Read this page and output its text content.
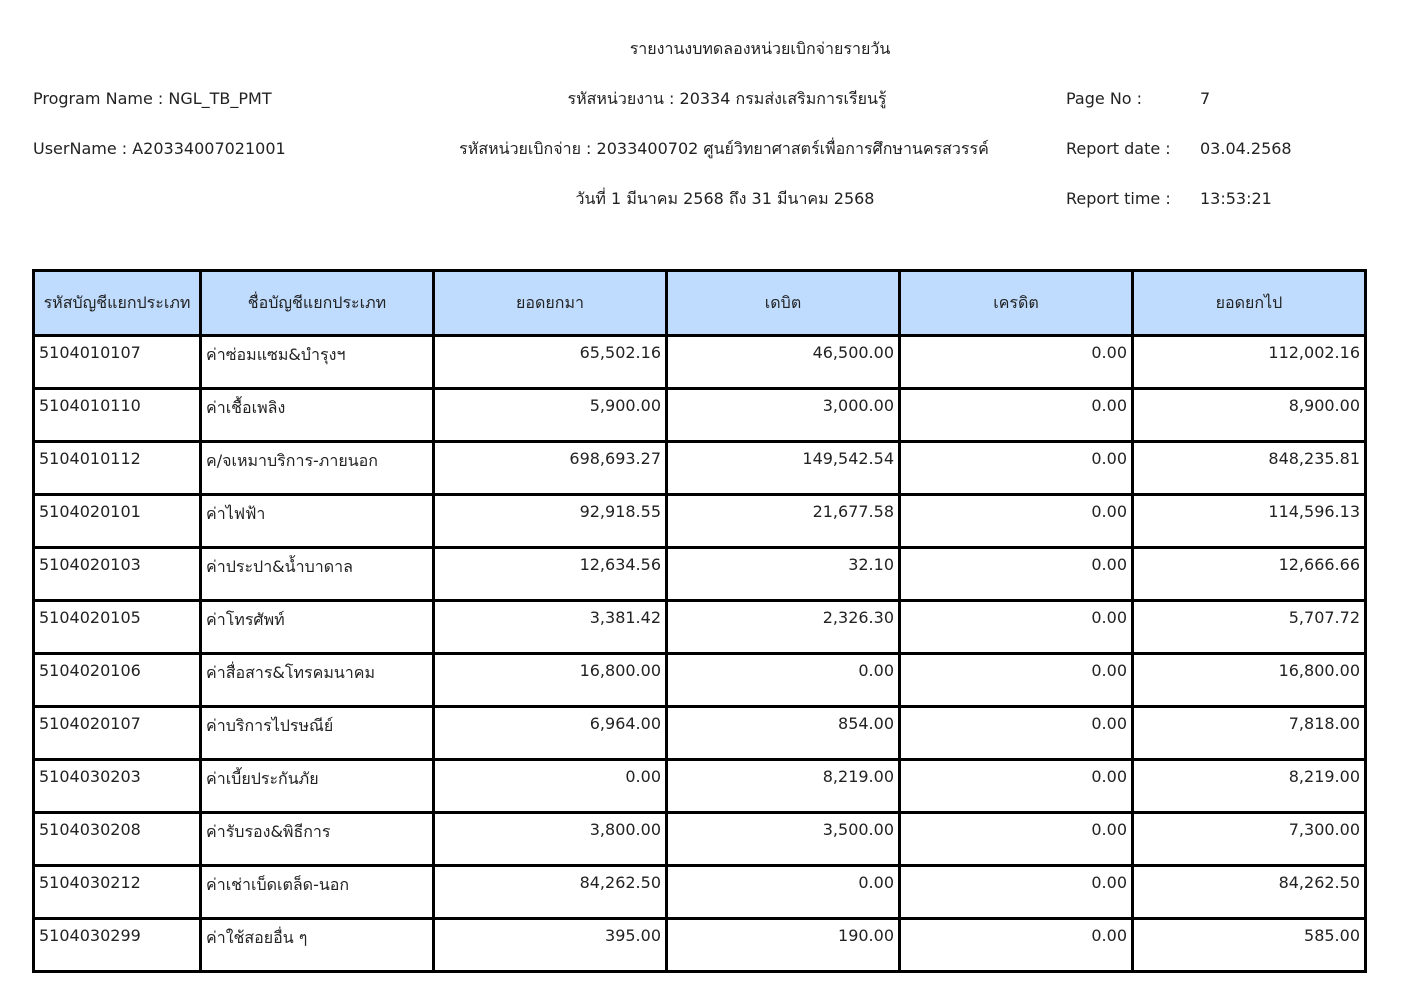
รายงานงบทดลองหน่วยเบิกจ่ายรายวัน
Program Name : NGL_TB_PMT	รหัสหน่วยงาน : 20334 กรมส่งเสริมการเรียนรู้	Page No :	7
UserName : A20334007021001	รหัสหน่วยเบิกจ่าย : 2033400702 ศูนย์วิทยาศาสตร์เพื่อการศึกษานครสวรรค์	Report date : 03.04.2568
วันที่ 1 มีนาคม 2568 ถึง 31 มีนาคม 2568	Report time : 13:53:21
รหัสบัญชีแยกประเภท	ชื่อบัญชีแยกประเภท	ยอดยกมา	เดบิต	เครดิต	ยอดยกไป
5104010107	ค่าซ่อมแซม&บำรุงฯ	65,502.16	46,500.00	0.00	112,002.16
5104010110	ค่าเชื้อเพลิง	5,900.00	3,000.00	0.00	8,900.00
5104010112	ค/จเหมาบริการ-ภายนอก	698,693.27	149,542.54	0.00	848,235.81
5104020101	ค่าไฟฟ้า	92,918.55	21,677.58	0.00	114,596.13
5104020103	ค่าประปา&น้ำบาดาล	12,634.56	32.10	0.00	12,666.66
5104020105	ค่าโทรศัพท์	3,381.42	2,326.30	0.00	5,707.72
5104020106	ค่าสื่อสาร&โทรคมนาคม	16,800.00	0.00	0.00	16,800.00
5104020107	ค่าบริการไปรษณีย์	6,964.00	854.00	0.00	7,818.00
5104030203	ค่าเบี้ยประกันภัย	0.00	8,219.00	0.00	8,219.00
5104030208	ค่ารับรอง&พิธีการ	3,800.00	3,500.00	0.00	7,300.00
5104030212	ค่าเช่าเบ็ดเตล็ด-นอก	84,262.50	0.00	0.00	84,262.50
5104030299	ค่าใช้สอยอื่น ๆ	395.00	190.00	0.00	585.00
